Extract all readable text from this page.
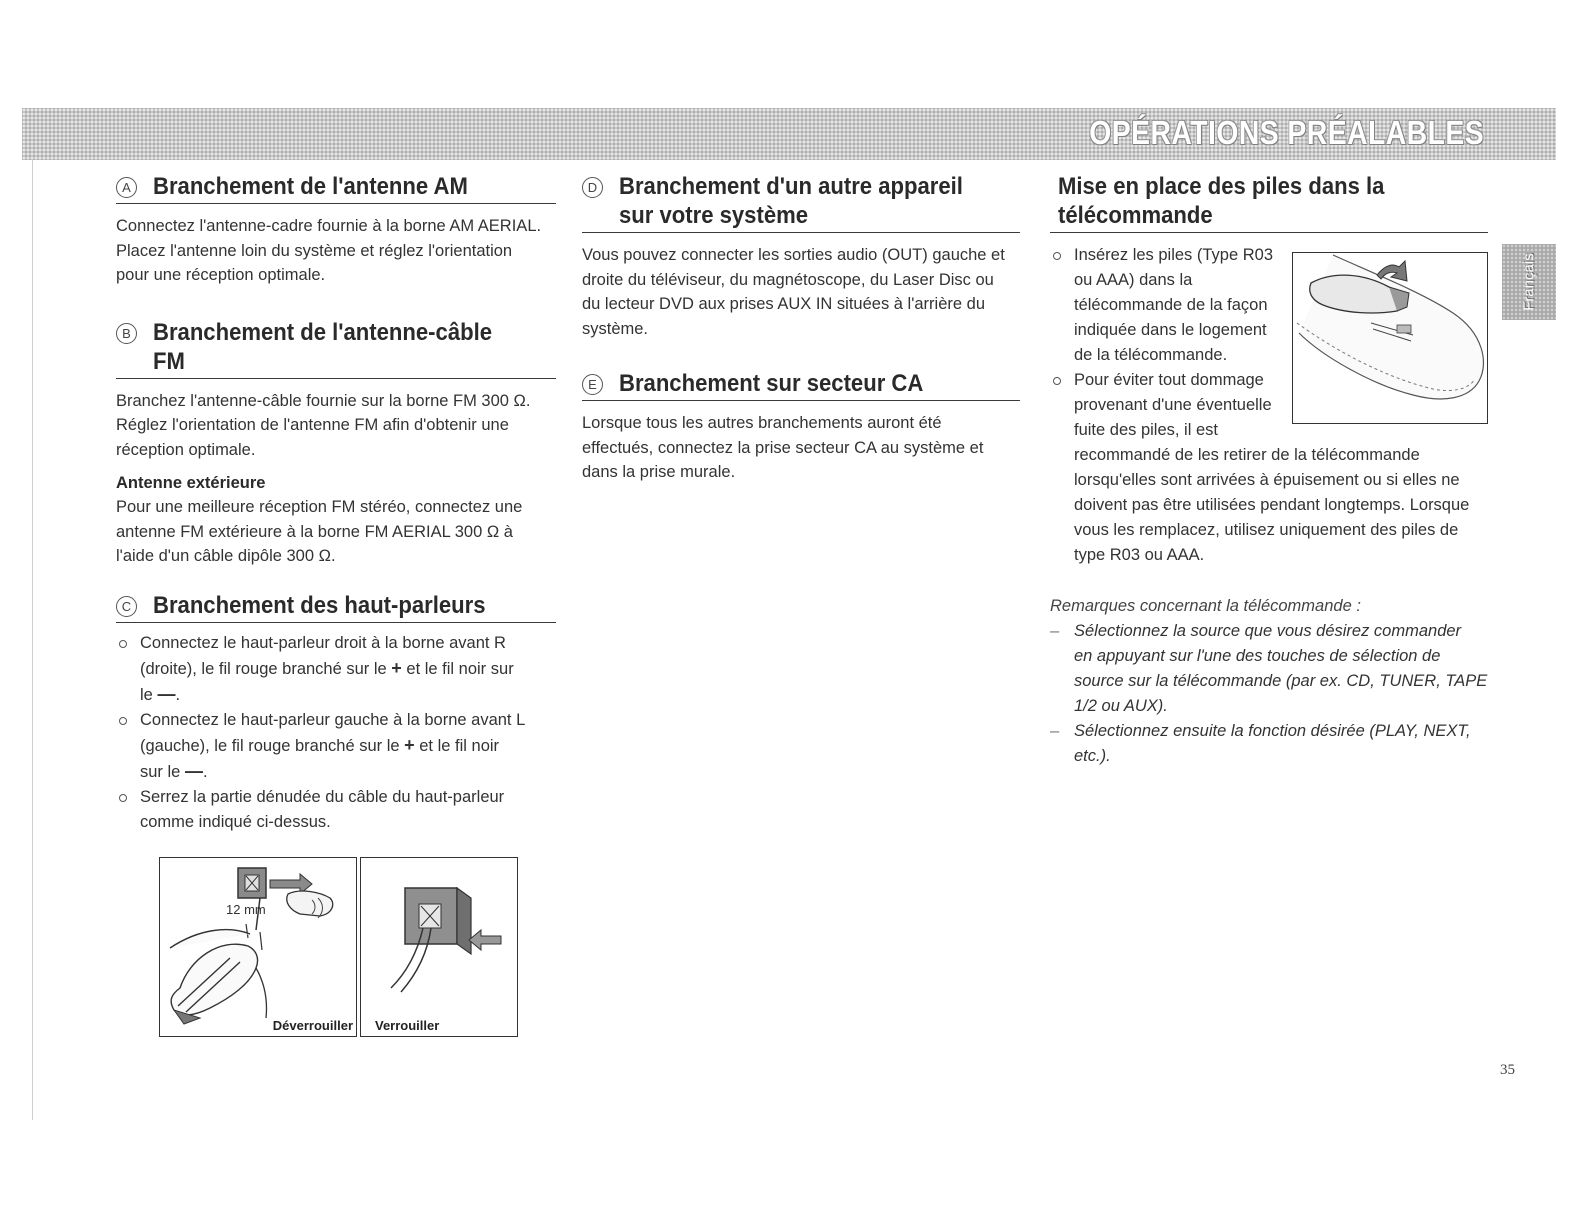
OPÉRATIONS PRÉALABLES
A Branchement de l'antenne AM

Connectez l'antenne-cadre fournie à la borne AM AERIAL.
Placez l'antenne loin du système et réglez l'orientation
pour une réception optimale.

B Branchement de l'antenne-câble
FM

Branchez l'antenne-câble fournie sur la borne FM 300 Ω.
Réglez l'orientation de l'antenne FM afin d'obtenir une
réception optimale.

Antenne extérieure

Pour une meilleure réception FM stéréo, connectez une
antenne FM extérieure à la borne FM AERIAL 300 Ω à
l'aide d'un câble dipôle 300 Ω.

C Branchement des haut-parleurs
Connectez le haut-parleur droit à la borne avant R
(droite), le fil rouge branché sur le + et le fil noir sur
le —.
Connectez le haut-parleur gauche à la borne avant L
(gauche), le fil rouge branché sur le + et le fil noir
sur le —.
Serrez la partie dénudée du câble du haut-parleur
comme indiqué ci-dessus.
12 mm
Déverrouiller Verrouiller
D Branchement d'un autre appareil
sur votre système

Vous pouvez connecter les sorties audio (OUT) gauche et
droite du téléviseur, du magnétoscope, du Laser Disc ou
du lecteur DVD aux prises AUX IN situées à l'arrière du
système.

E Branchement sur secteur CA

Lorsque tous les autres branchements auront été
effectués, connectez la prise secteur CA au système et
dans la prise murale.

Mise en place des piles dans la
télécommande
Insérez les piles (Type R03
ou AAA) dans la
télécommande de la façon
indiquée dans le logement
de la télécommande.
Pour éviter tout dommage
provenant d'une éventuelle
fuite des piles, il est
recommandé de les retirer de la télécommande
lorsqu'elles sont arrivées à épuisement ou si elles ne
doivent pas être utilisées pendant longtemps. Lorsque
vous les remplacez, utilisez uniquement des piles de
type R03 ou AAA.

Remarques concernant la télécommande :

– Sélectionnez la source que vous désirez commander
en appuyant sur l'une des touches de sélection de
source sur la télécommande (par ex. CD, TUNER, TAPE
1/2 ou AUX).

– Sélectionnez ensuite la fonction désirée (PLAY, NEXT,
etc.).

Français
35
